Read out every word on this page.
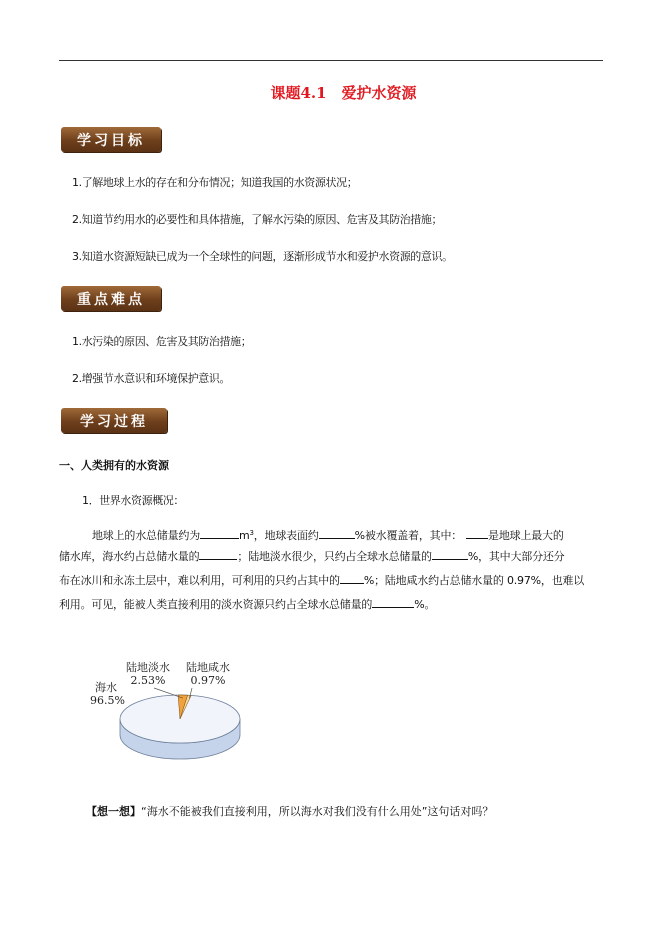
课题4.1　爱护水资源
学习目标
1.了解地球上水的存在和分布情况；知道我国的水资源状况；
2.知道节约用水的必要性和具体措施，了解水污染的原因、危害及其防治措施；
3.知道水资源短缺已成为一个全球性的问题，逐渐形成节水和爱护水资源的意识。
重点难点
1.水污染的原因、危害及其防治措施；
2.增强节水意识和环境保护意识。
学习过程
一、人类拥有的水资源
1．世界水资源概况：
地球上的水总储量约为	$m^3$，地球表面约	%被水覆盖着，其中： 是地球上最大的
储水库，海水约占总储水量的	；陆地淡水很少，只约占全球水总储量的	%，其中大部分还分
布在冰川和永冻土层中，难以利用，可利用的只约占其中的 %；陆地咸水约占总储水量的 0.97%，也难以
利用。可见，能被人类直接利用的淡水资源只约占全球水总储量的	%。
海水
96.5%
陆地淡水
2.53%
陆地咸水
0.97%
【想一想】“海水不能被我们直接利用，所以海水对我们没有什么用处”这句话对吗？
